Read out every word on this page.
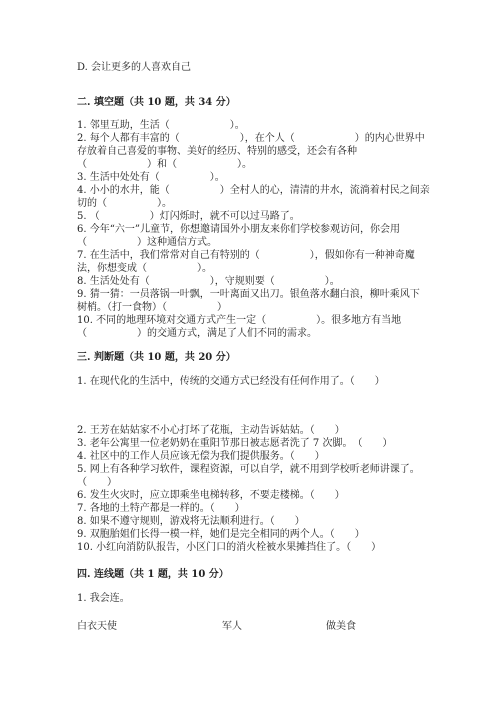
D. 会让更多的人喜欢自己
二. 填空题（共 10 题，共 34 分）
1. 邻里互助，生活（　　　　　　）。
2. 每个人都有丰富的（　　　　　　），在个人（　　　　　　）的内心世界中
存放着自己喜爱的事物、美好的经历、特别的感受，还会有各种
（　　　　　　）和（　　　　　　）。
3. 生活中处处有（　　　　　）。
4. 小小的水井，能（　　　　　）全村人的心，清清的井水，流淌着村民之间亲
切的（　　　　　）。
5. （　　　　　）灯闪烁时，就不可以过马路了。
6. 今年“六一”儿童节，你想邀请国外小朋友来你们学校参观访问，你会用
（　　　　　）这种通信方式。
7. 在生活中，我们常常对自己有特别的（　　　　　），假如你有一种神奇魔
法，你想变成（　　　　　）。
8. 生活处处有（　　　　　　），守规则要（　　　　　）。
9. 猜一猜：一员落锅一叶飘，一叶离面又出刀。银鱼落水翻白浪，柳叶乘风下
树梢。（打一食物）（　　　　　）
10. 不同的地理环境对交通方式产生一定（　　　　　）。很多地方有当地
（　　　　　）的交通方式，满足了人们不同的需求。
三. 判断题（共 10 题，共 20 分）
1. 在现代化的生活中，传统的交通方式已经没有任何作用了。（　　）
2. 王芳在姑姑家不小心打坏了花瓶，主动告诉姑姑。（　　）
3. 老年公寓里一位老奶奶在重阳节那日被志愿者洗了 7 次脚。　（　　）
4. 社区中的工作人员应该无偿为我们提供服务。（　　）
5. 网上有各种学习软件，课程资源，可以自学，就不用到学校听老师讲课了。
（　　）
6. 发生火灾时，应立即乘坐电梯转移，不要走楼梯。（　　）
7. 各地的土特产都是一样的。（　　）
8. 如果不遵守规则，游戏将无法顺利进行。（　　）
9. 双胞胎姐们长得一模一样，她们是完全相同的两个人。（　　）
10. 小红向消防队报告，小区门口的消火栓被水果摊挡住了。（　　）
四. 连线题（共 1 题，共 10 分）
1. 我会连。
白衣天使	军人	做美食
